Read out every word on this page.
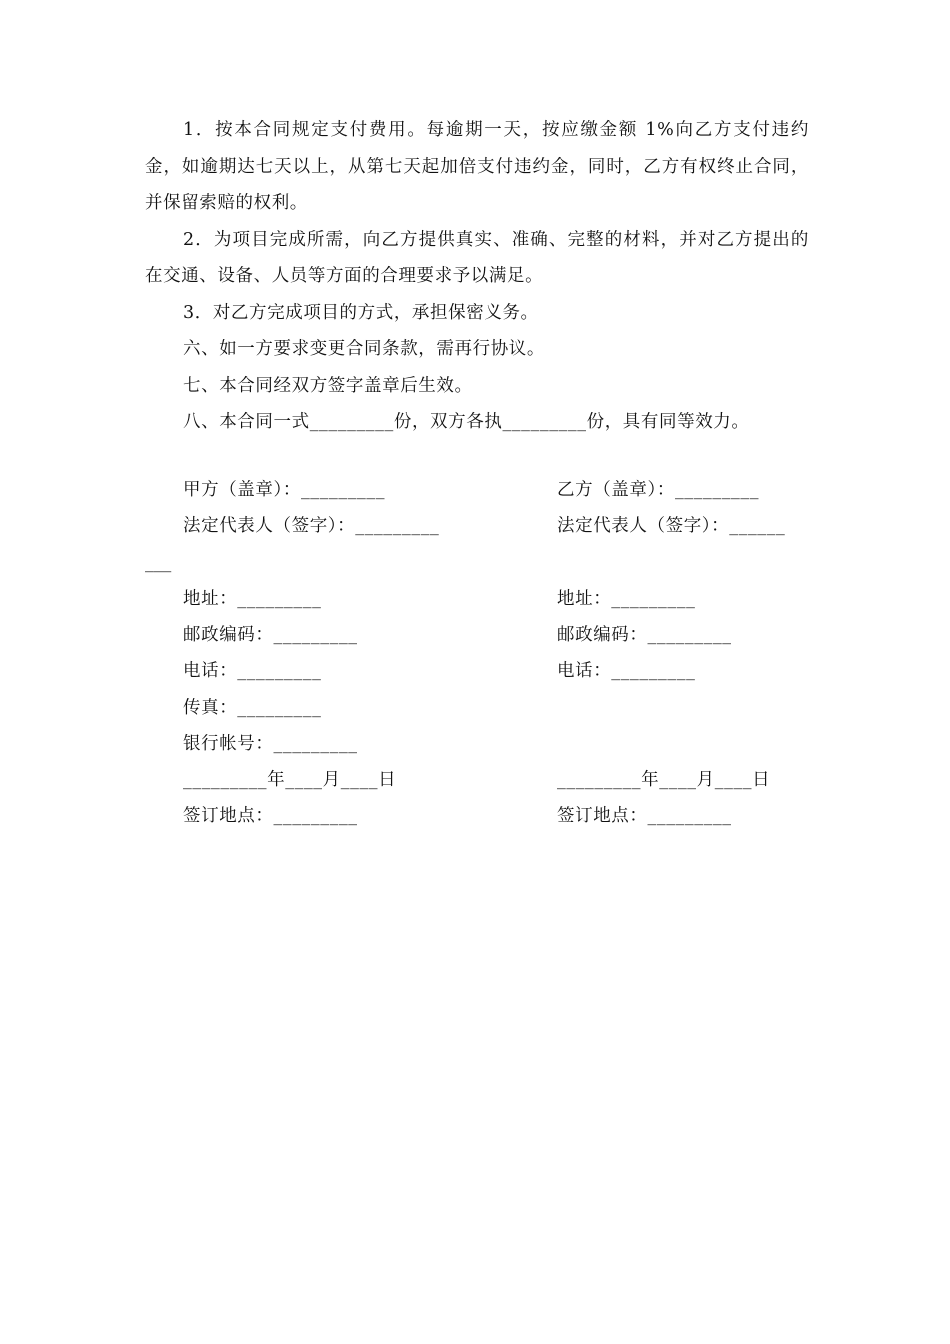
1．按本合同规定支付费用。每逾期一天，按应缴金额 1%向乙方支付违约金，如逾期达七天以上，从第七天起加倍支付违约金，同时，乙方有权终止合同，并保留索赔的权利。

2．为项目完成所需，向乙方提供真实、准确、完整的材料，并对乙方提出的在交通、设备、人员等方面的合理要求予以满足。

3．对乙方完成项目的方式，承担保密义务。

六、如一方要求变更合同条款，需再行协议。

七、本合同经双方签字盖章后生效。

八、本合同一式_________份，双方各执_________份，具有同等效力。

甲方（盖章）：_________
法定代表人（签字）：_________
地址：_________
邮政编码：_________
电话：_________
传真：_________
银行帐号：_________
_________年____月____日
签订地点：_________
乙方（盖章）：_________
法定代表人（签字）：______
___
地址：_________
邮政编码：_________
电话：_________
_________年____月____日
签订地点：_________
